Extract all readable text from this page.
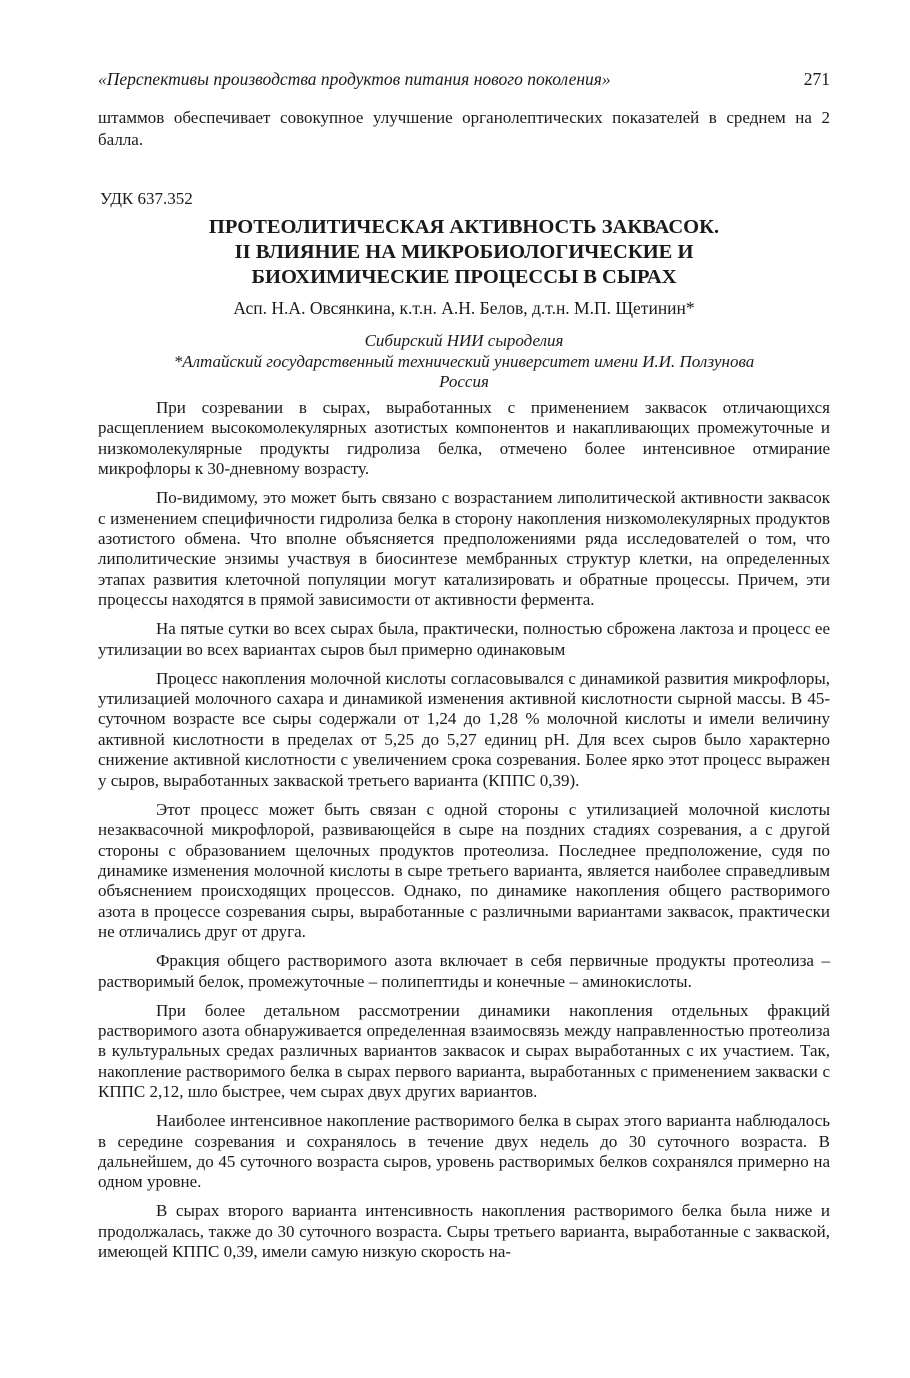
«Перспективы производства продуктов питания нового поколения»	271
штаммов обеспечивает совокупное улучшение органолептических показателей в среднем на 2 балла.
УДК 637.352
ПРОТЕОЛИТИЧЕСКАЯ АКТИВНОСТЬ ЗАКВАСОК.
II ВЛИЯНИЕ НА МИКРОБИОЛОГИЧЕСКИЕ И
БИОХИМИЧЕСКИЕ ПРОЦЕССЫ В СЫРАХ
Асп. Н.А. Овсянкина, к.т.н. А.Н. Белов, д.т.н. М.П. Щетинин*
Сибирский НИИ сыроделия
*Алтайский государственный технический университет имени И.И. Ползунова
Россия

При созревании в сырах, выработанных с применением заквасок отличающихся расщеплением высокомолекулярных азотистых компонентов и накапливающих промежуточные и низкомолекулярные продукты гидролиза белка, отмечено более интенсивное отмирание микрофлоры к 30-дневному возрасту.

По-видимому, это может быть связано с возрастанием липолитической активности заквасок с изменением специфичности гидролиза белка в сторону накопления низкомолекулярных продуктов азотистого обмена. Что вполне объясняется предположениями ряда исследователей о том, что липолитические энзимы участвуя в биосинтезе мембранных структур клетки, на определенных этапах развития клеточной популяции могут катализировать и обратные процессы. Причем, эти процессы находятся в прямой зависимости от активности фермента.

На пятые сутки во всех сырах была, практически, полностью сброжена лактоза и процесс ее утилизации во всех вариантах сыров был примерно одинаковым

Процесс накопления молочной кислоты согласовывался с динамикой развития микрофлоры, утилизацией молочного сахара и динамикой изменения активной кислотности сырной массы. В 45-суточном возрасте все сыры содержали от 1,24 до 1,28 % молочной кислоты и имели величину активной кислотности в пределах от 5,25 до 5,27 единиц рН. Для всех сыров было характерно снижение активной кислотности с увеличением срока созревания. Более ярко этот процесс выражен у сыров, выработанных закваской третьего варианта (КППС 0,39).

Этот процесс может быть связан с одной стороны с утилизацией молочной кислоты незаквасочной микрофлорой, развивающейся в сыре на поздних стадиях созревания, а с другой стороны с образованием щелочных продуктов протеолиза. Последнее предположение, судя по динамике изменения молочной кислоты в сыре третьего варианта, является наиболее справедливым объяснением происходящих процессов. Однако, по динамике накопления общего растворимого азота в процессе созревания сыры, выработанные с различными вариантами заквасок, практически не отличались друг от друга.

Фракция общего растворимого азота включает в себя первичные продукты протеолиза – растворимый белок, промежуточные – полипептиды и конечные – аминокислоты.

При более детальном рассмотрении динамики накопления отдельных фракций растворимого азота обнаруживается определенная взаимосвязь между направленностью протеолиза в культуральных средах различных вариантов заквасок и сырах выработанных с их участием. Так, накопление растворимого белка в сырах первого варианта, выработанных с применением закваски с КППС 2,12, шло быстрее, чем сырах двух других вариантов.

Наиболее интенсивное накопление растворимого белка в сырах этого варианта наблюдалось в середине созревания и сохранялось в течение двух недель до 30 суточного возраста. В дальнейшем, до 45 суточного возраста сыров, уровень растворимых белков сохранялся примерно на одном уровне.

В сырах второго варианта интенсивность накопления растворимого белка была ниже и продолжалась, также до 30 суточного возраста. Сыры третьего варианта, выработанные с закваской, имеющей КППС 0,39, имели самую низкую скорость на-
